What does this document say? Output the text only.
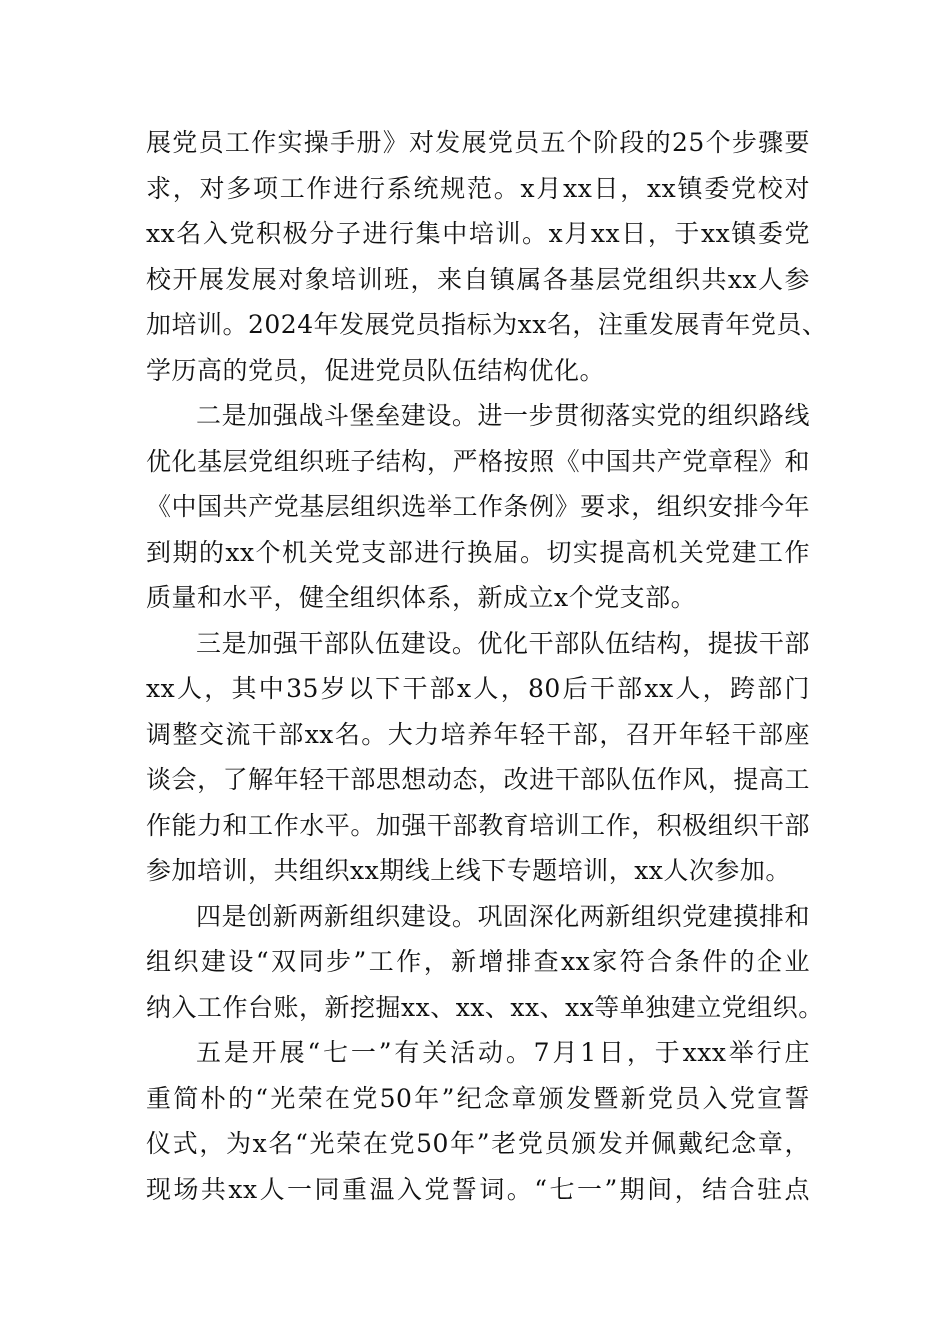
展党员工作实操手册》对发展党员五个阶段的25个步骤要
求，对多项工作进行系统规范。x月xx日，xx镇委党校对
xx名入党积极分子进行集中培训。x月xx日，于xx镇委党
校开展发展对象培训班，来自镇属各基层党组织共xx人参
加培训。2024年发展党员指标为xx名，注重发展青年党员、
学历高的党员，促进党员队伍结构优化。
二是加强战斗堡垒建设。进一步贯彻落实党的组织路线
优化基层党组织班子结构，严格按照《中国共产党章程》和
《中国共产党基层组织选举工作条例》要求，组织安排今年
到期的xx个机关党支部进行换届。切实提高机关党建工作
质量和水平，健全组织体系，新成立x个党支部。
三是加强干部队伍建设。优化干部队伍结构，提拔干部
xx人，其中35岁以下干部x人，80后干部xx人，跨部门
调整交流干部xx名。大力培养年轻干部，召开年轻干部座
谈会，了解年轻干部思想动态，改进干部队伍作风，提高工
作能力和工作水平。加强干部教育培训工作，积极组织干部
参加培训，共组织xx期线上线下专题培训，xx人次参加。
四是创新两新组织建设。巩固深化两新组织党建摸排和
组织建设“双同步”工作，新增排查xx家符合条件的企业
纳入工作台账，新挖掘xx、xx、xx、xx等单独建立党组织。
五是开展“七一”有关活动。7月1日，于xxx举行庄
重简朴的“光荣在党50年”纪念章颁发暨新党员入党宣誓
仪式，为x名“光荣在党50年”老党员颁发并佩戴纪念章，
现场共xx人一同重温入党誓词。“七一”期间，结合驻点
